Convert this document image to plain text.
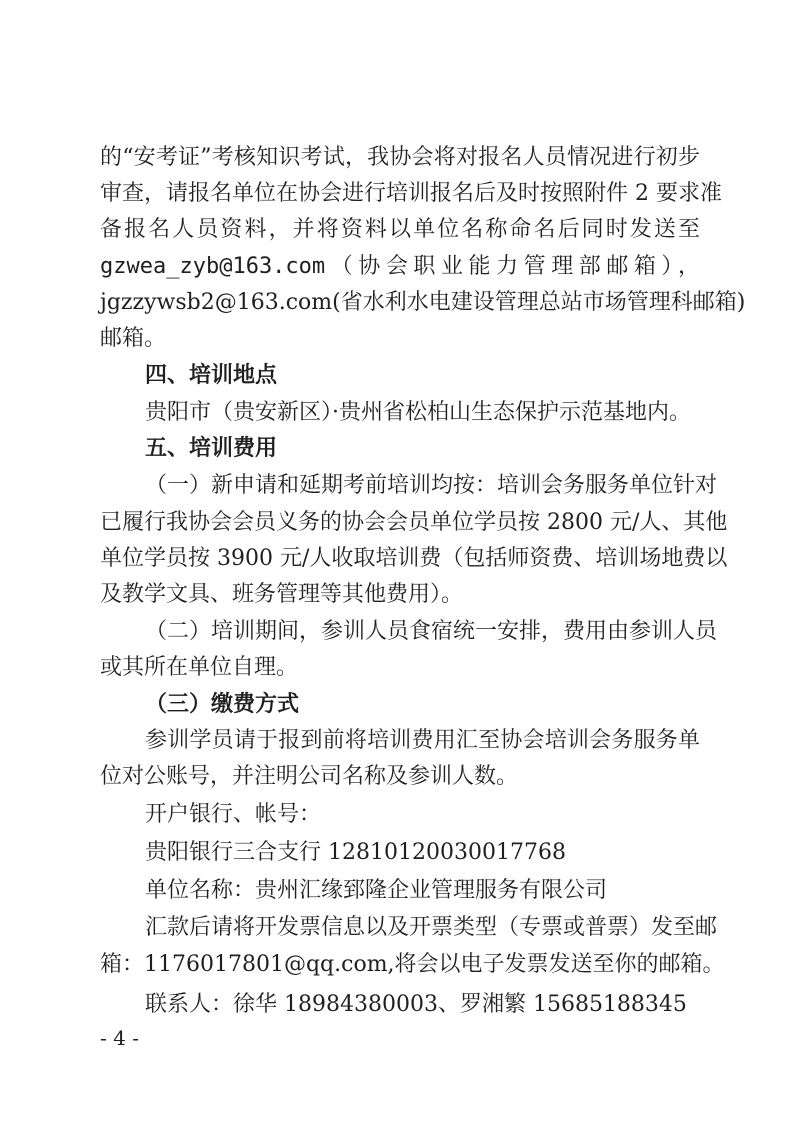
的“安考证”考核知识考试，我协会将对报名人员情况进行初步
审查，请报名单位在协会进行培训报名后及时按照附件 2 要求准
备报名人员资料，并将资料以单位名称命名后同时发送至
gzwea_zyb@163.com（协会职业能力管理部邮箱），
jgzzywsb2@163.com(省水利水电建设管理总站市场管理科邮箱)
邮箱。
四、培训地点
贵阳市（贵安新区）·贵州省松柏山生态保护示范基地内。
五、培训费用
（一）新申请和延期考前培训均按：培训会务服务单位针对
已履行我协会会员义务的协会会员单位学员按 2800 元/人、其他
单位学员按 3900 元/人收取培训费（包括师资费、培训场地费以
及教学文具、班务管理等其他费用）。
（二）培训期间，参训人员食宿统一安排，费用由参训人员
或其所在单位自理。
（三）缴费方式
参训学员请于报到前将培训费用汇至协会培训会务服务单
位对公账号，并注明公司名称及参训人数。
开户银行、帐号：
贵阳银行三合支行 12810120030017768
单位名称：贵州汇缘郅隆企业管理服务有限公司
汇款后请将开发票信息以及开票类型（专票或普票）发至邮
箱：1176017801@qq.com,将会以电子发票发送至你的邮箱。
联系人：徐华 18984380003、罗湘繁 15685188345
- 4 -
